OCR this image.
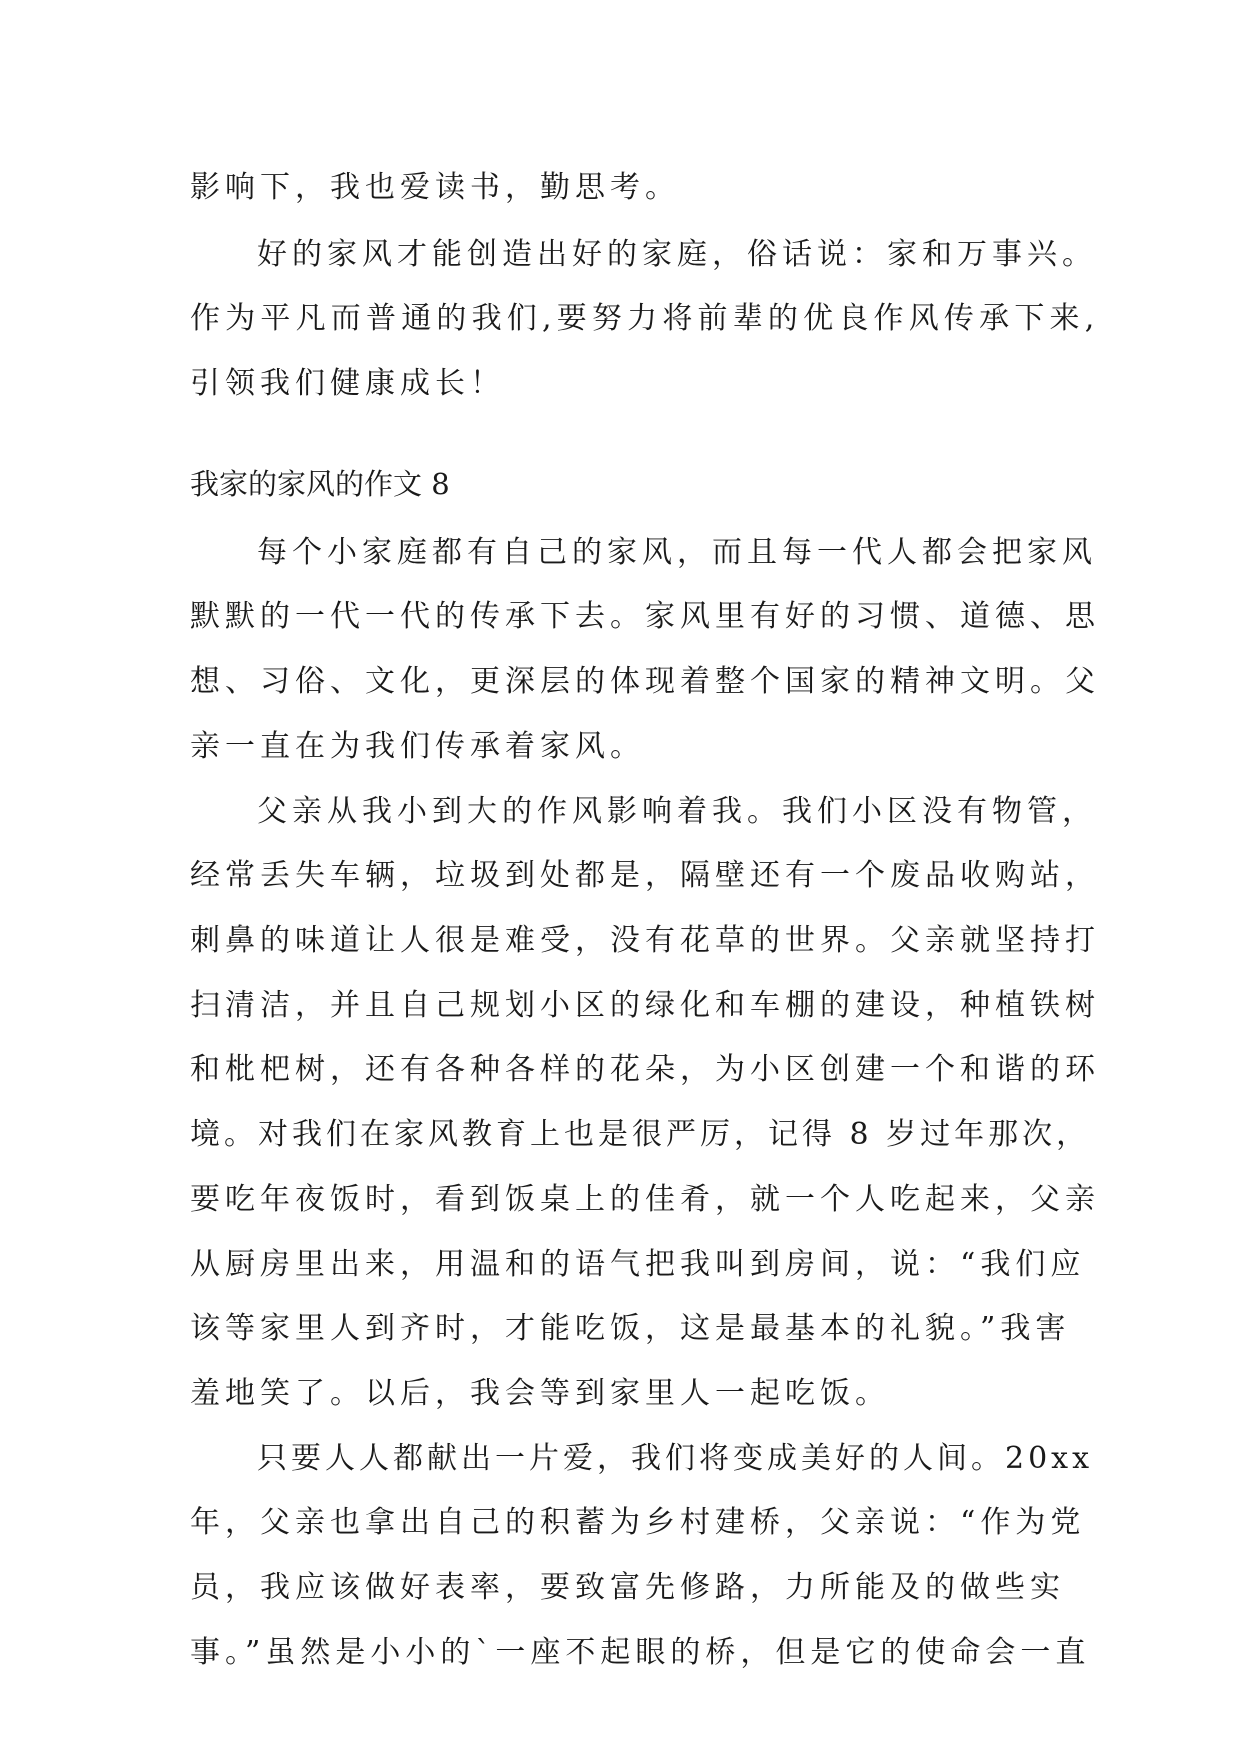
影响下，我也爱读书，勤思考。
好的家风才能创造出好的家庭，俗话说：家和万事兴。
作为平凡而普通的我们,要努力将前辈的优良作风传承下来,
引领我们健康成长！
我家的家风的作文 8
每个小家庭都有自己的家风，而且每一代人都会把家风
默默的一代一代的传承下去。家风里有好的习惯、道德、思
想、习俗、文化，更深层的体现着整个国家的精神文明。父
亲一直在为我们传承着家风。
父亲从我小到大的作风影响着我。我们小区没有物管，
经常丢失车辆，垃圾到处都是，隔壁还有一个废品收购站，
刺鼻的味道让人很是难受，没有花草的世界。父亲就坚持打
扫清洁，并且自己规划小区的绿化和车棚的建设，种植铁树
和枇杷树，还有各种各样的花朵，为小区创建一个和谐的环
境。对我们在家风教育上也是很严厉，记得 8 岁过年那次，
要吃年夜饭时，看到饭桌上的佳肴，就一个人吃起来，父亲
从厨房里出来，用温和的语气把我叫到房间，说：“我们应
该等家里人到齐时，才能吃饭，这是最基本的礼貌。”我害
羞地笑了。以后，我会等到家里人一起吃饭。
只要人人都献出一片爱，我们将变成美好的人间。20xx
年，父亲也拿出自己的积蓄为乡村建桥，父亲说：“作为党
员，我应该做好表率，要致富先修路，力所能及的做些实
事。”虽然是小小的`一座不起眼的桥，但是它的使命会一直
